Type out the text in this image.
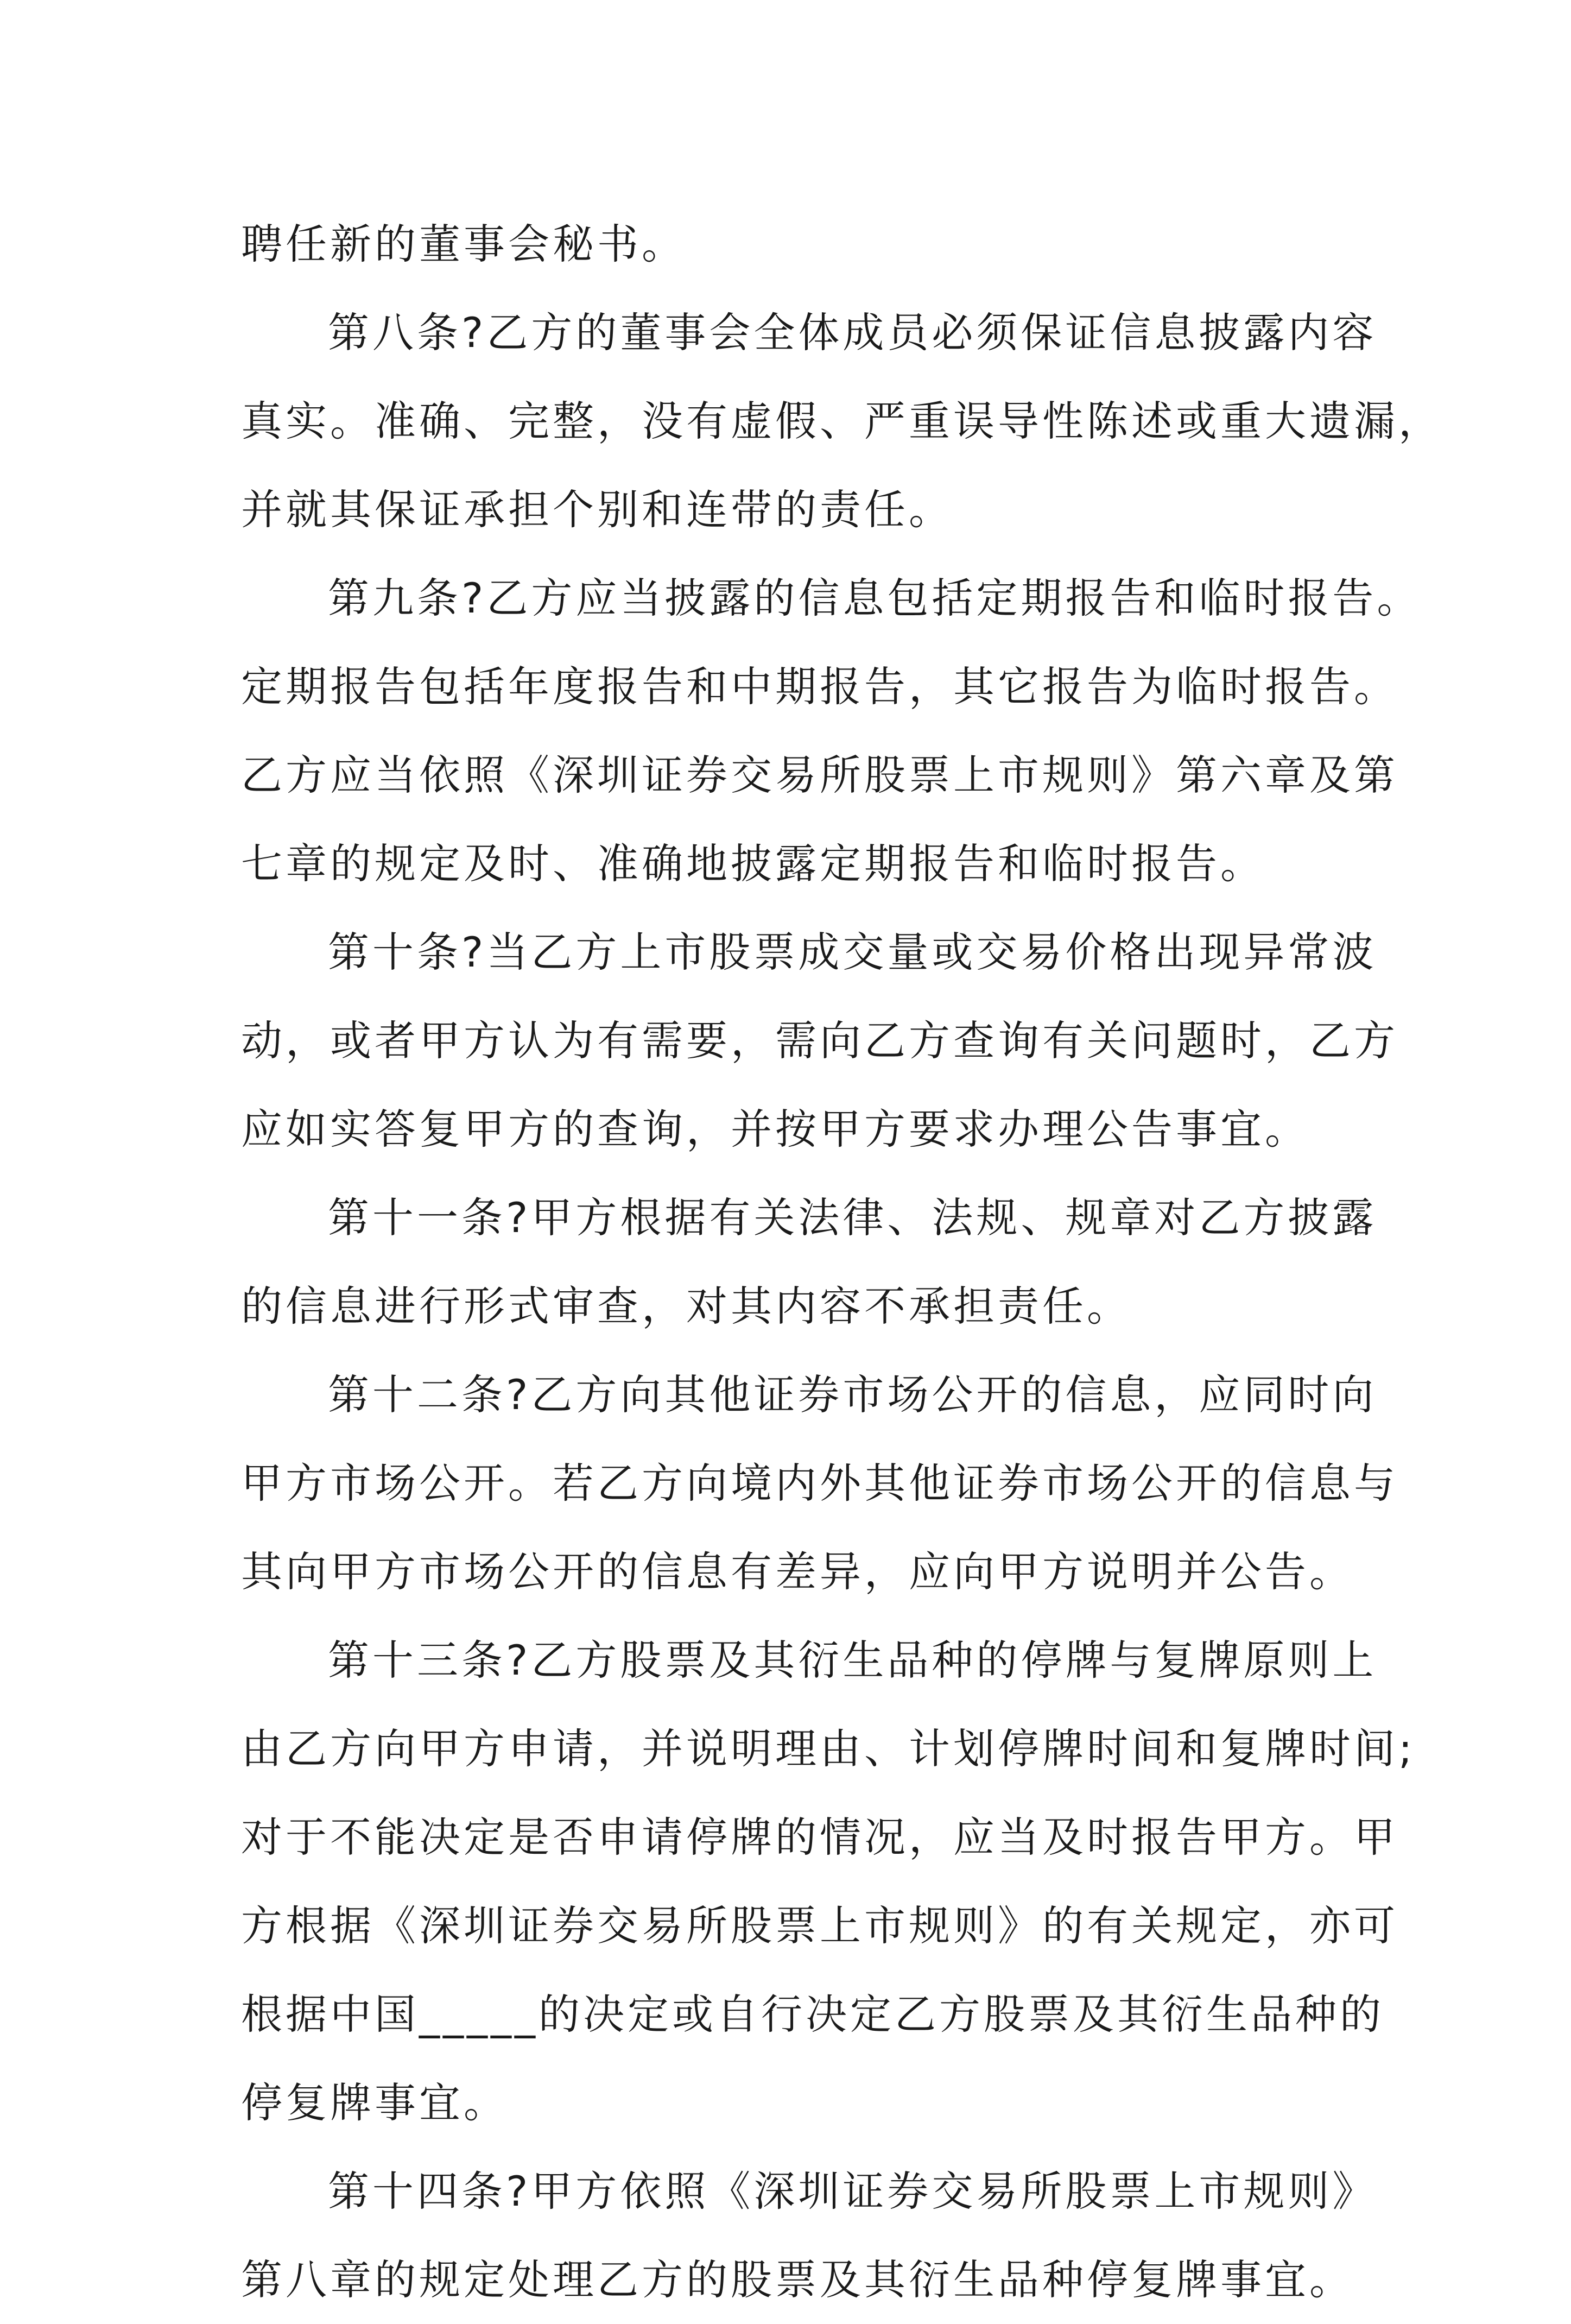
聘任新的董事会秘书。
第八条?乙方的董事会全体成员必须保证信息披露内容
真实。准确、完整，没有虚假、严重误导性陈述或重大遗漏，
并就其保证承担个别和连带的责任。
第九条?乙方应当披露的信息包括定期报告和临时报告。
定期报告包括年度报告和中期报告，其它报告为临时报告。
乙方应当依照《深圳证券交易所股票上市规则》第六章及第
七章的规定及时、准确地披露定期报告和临时报告。
第十条?当乙方上市股票成交量或交易价格出现异常波
动，或者甲方认为有需要，需向乙方查询有关问题时，乙方
应如实答复甲方的查询，并按甲方要求办理公告事宜。
第十一条?甲方根据有关法律、法规、规章对乙方披露
的信息进行形式审查，对其内容不承担责任。
第十二条?乙方向其他证券市场公开的信息，应同时向
甲方市场公开。若乙方向境内外其他证券市场公开的信息与
其向甲方市场公开的信息有差异，应向甲方说明并公告。
第十三条?乙方股票及其衍生品种的停牌与复牌原则上
由乙方向甲方申请，并说明理由、计划停牌时间和复牌时间;
对于不能决定是否申请停牌的情况，应当及时报告甲方。甲
方根据《深圳证券交易所股票上市规则》的有关规定，亦可
根据中国_____的决定或自行决定乙方股票及其衍生品种的
停复牌事宜。
第十四条?甲方依照《深圳证券交易所股票上市规则》
第八章的规定处理乙方的股票及其衍生品种停复牌事宜。
